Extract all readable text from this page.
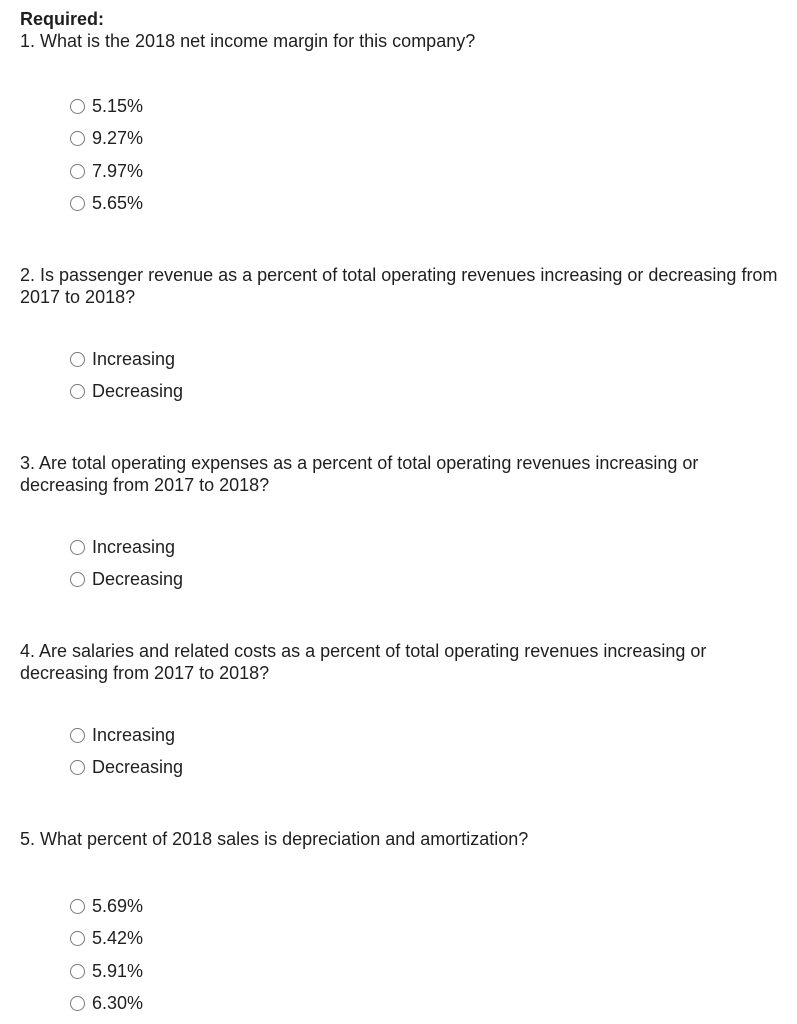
Required:

1. What is the 2018 net income margin for this company?

5.15%
9.27%
7.97%
5.65%

2. Is passenger revenue as a percent of total operating revenues increasing or decreasing from 2017 to 2018?

Increasing
Decreasing

3. Are total operating expenses as a percent of total operating revenues increasing or decreasing from 2017 to 2018?

Increasing
Decreasing

4. Are salaries and related costs as a percent of total operating revenues increasing or decreasing from 2017 to 2018?

Increasing
Decreasing

5. What percent of 2018 sales is depreciation and amortization?

5.69%
5.42%
5.91%
6.30%
